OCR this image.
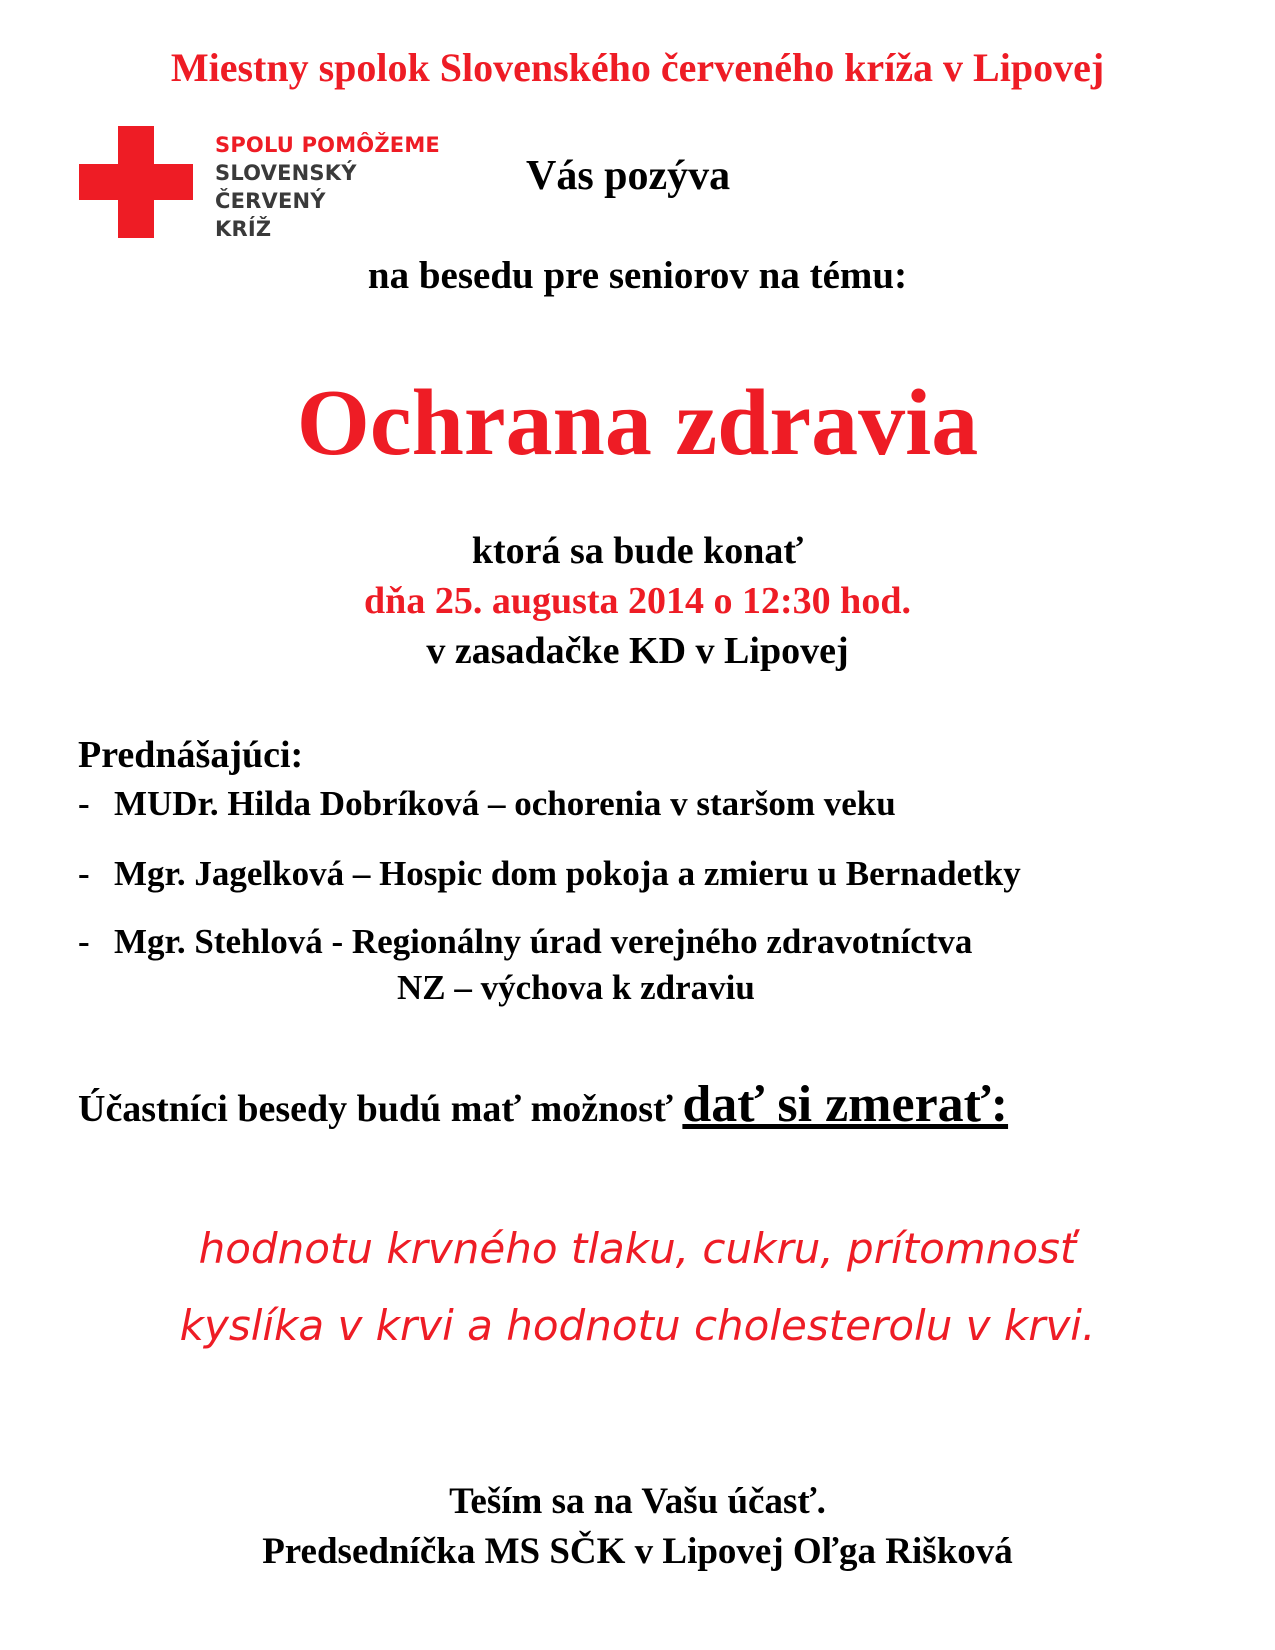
Miestny spolok Slovenského červeného kríža v Lipovej

SPOLU POMÔŽEME
SLOVENSKÝ
ČERVENÝ
KRÍŽ

Vás pozýva

na besedu pre seniorov na tému:

Ochrana zdravia

ktorá sa bude konať

dňa 25. augusta 2014 o 12:30 hod.

v zasadačke KD v Lipovej

Prednášajúci:

- MUDr. Hilda Dobríková – ochorenia v staršom veku

- Mgr. Jagelková – Hospic dom pokoja a zmieru u Bernadetky

- Mgr. Stehlová - Regionálny úrad verejného zdravotníctva

NZ – výchova k zdraviu

Účastníci besedy budú mať možnosť dať si zmerať:

hodnotu krvného tlaku, cukru, prítomnosť

kyslíka v krvi a hodnotu cholesterolu v krvi.

Teším sa na Vašu účasť.

Predsedníčka MS SČK v Lipovej Oľga Rišková
